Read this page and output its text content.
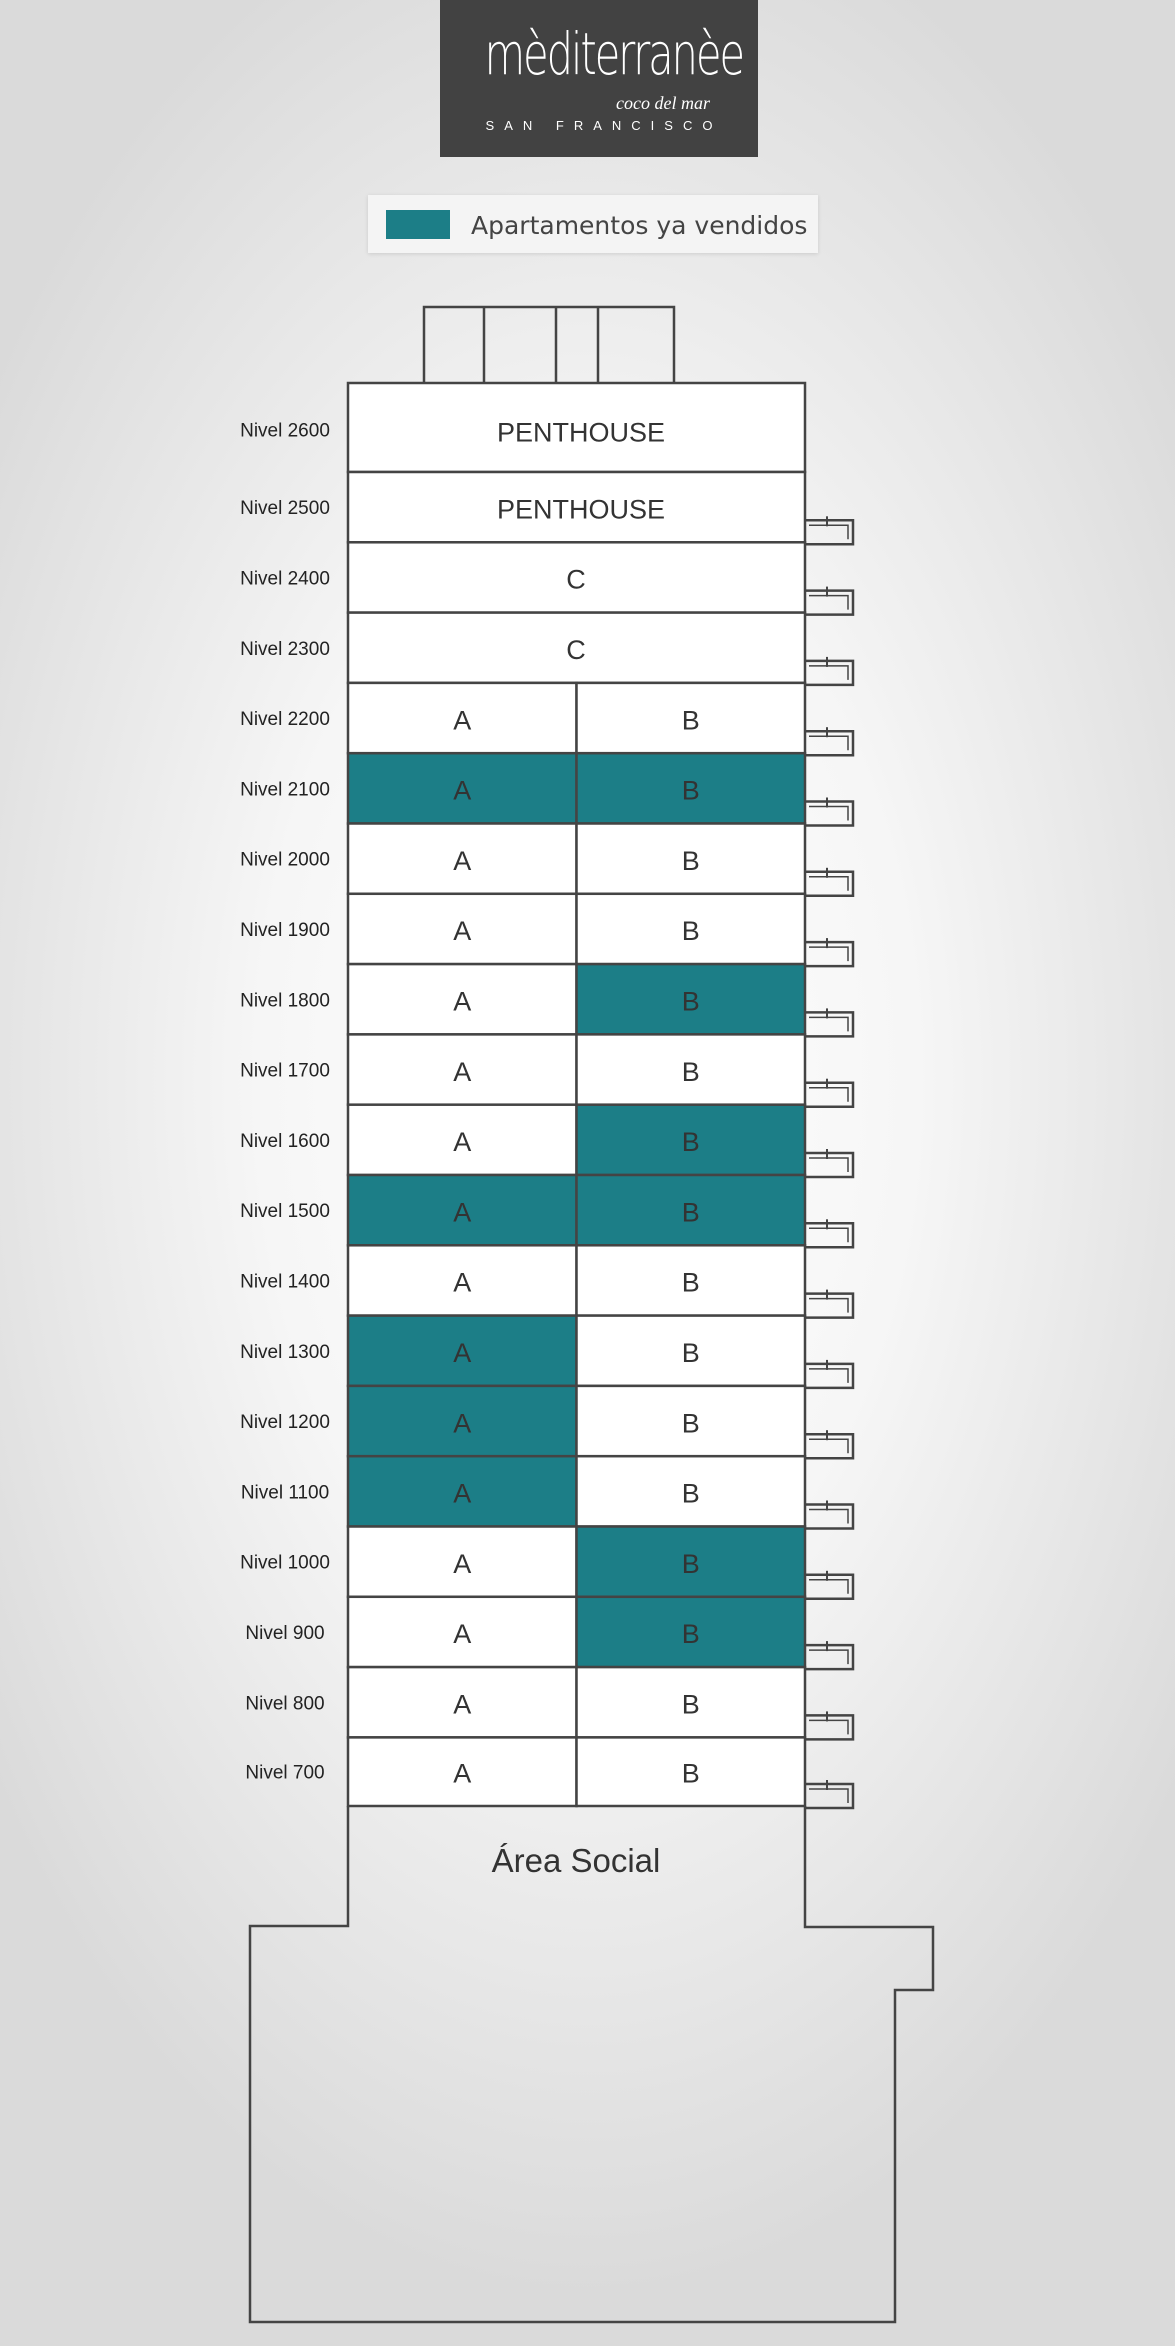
mèditerranèe
coco del mar
SAN FRANCISCO
Apartamentos ya vendidos
Nivel 2600	PENTHOUSE
Nivel 2500	PENTHOUSE
Nivel 2400	C
Nivel 2300	C
Nivel 2200	A	B
Nivel 2100	A	B
Nivel 2000	A	B
Nivel 1900	A	B
Nivel 1800	A	B
Nivel 1700	A	B
Nivel 1600	A	B
Nivel 1500	A	B
Nivel 1400	A	B
Nivel 1300	A	B
Nivel 1200	A	B
Nivel 1100	A	B
Nivel 1000	A	B
Nivel 900	A	B
Nivel 800	A	B
Nivel 700	A	B
Área Social
